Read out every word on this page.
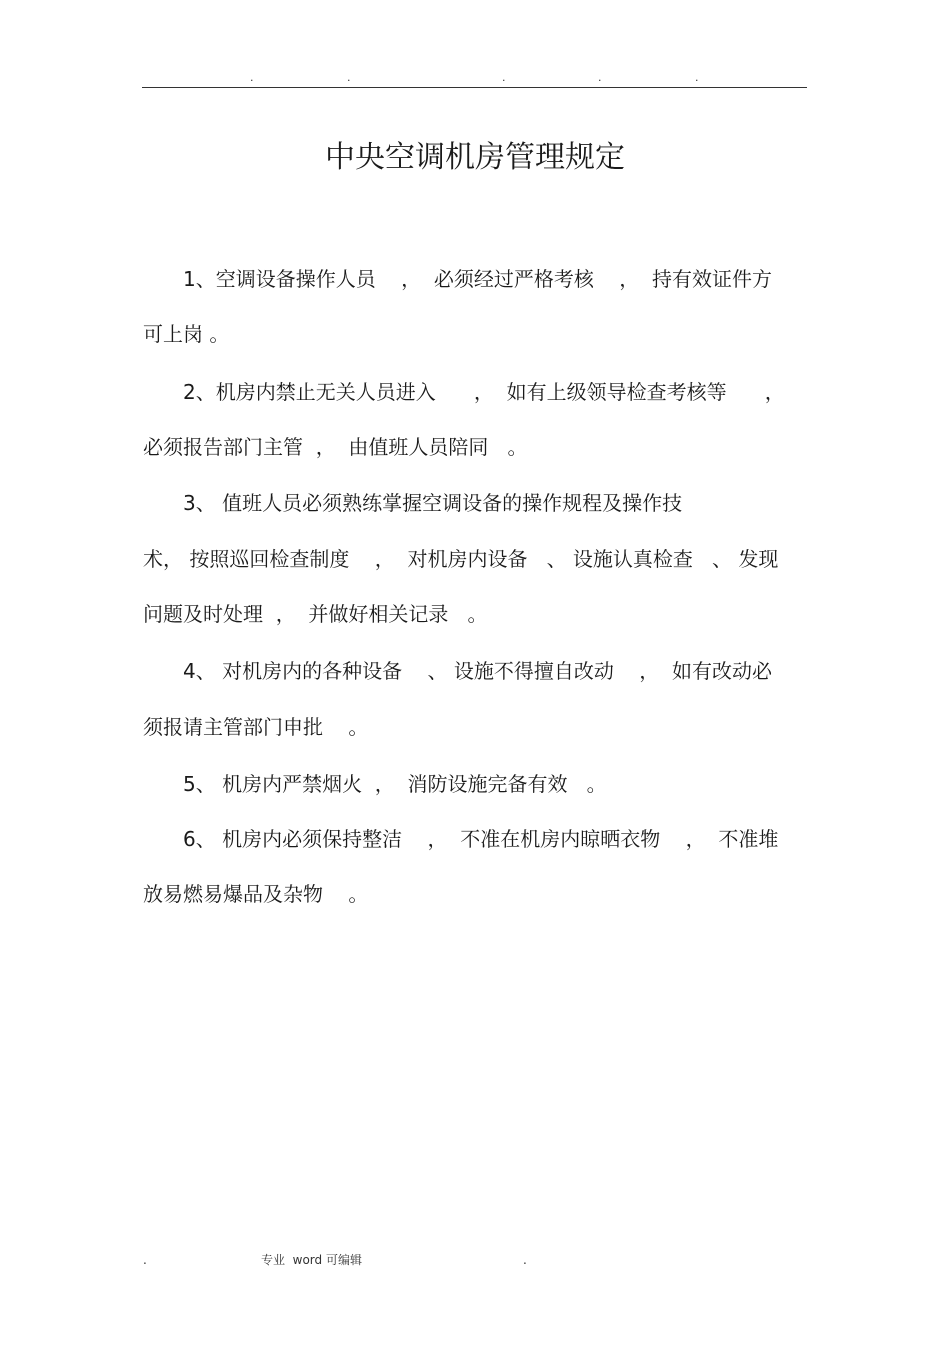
.	.	.	.	.
中央空调机房管理规定
1、空调设备操作人员    ，  必须经过严格考核    ，  持有效证件方
可上岗 。
2、机房内禁止无关人员进入      ，  如有上级领导检查考核等      ，
必须报告部门主管  ，  由值班人员陪同   。
3、 值班人员必须熟练掌握空调设备的操作规程及操作技
术， 按照巡回检查制度    ，  对机房内设备   、 设施认真检查   、 发现
问题及时处理  ，  并做好相关记录   。
4、 对机房内的各种设备    、 设施不得擅自改动    ，  如有改动必
须报请主管部门申批    。
5、 机房内严禁烟火  ，  消防设施完备有效   。
6、 机房内必须保持整洁    ，  不准在机房内晾晒衣物    ，  不准堆
放易燃易爆品及杂物    。
.	专业  word 可编辑	.
